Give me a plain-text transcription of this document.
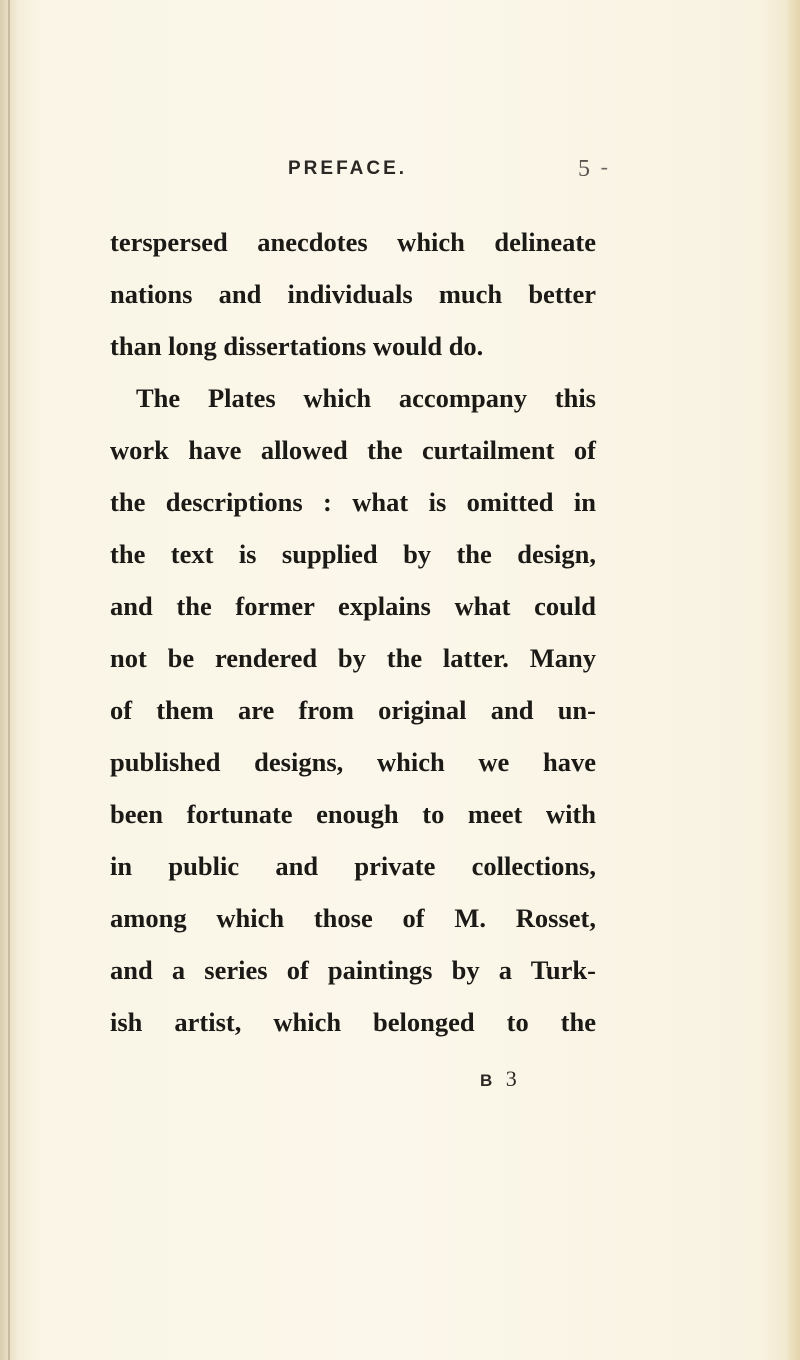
PREFACE.	5 -
terspersed anecdotes which delineate
nations and individuals much better
than long dissertations would do.
The Plates which accompany this
work have allowed the curtailment of
the descriptions : what is omitted in
the text is supplied by the design,
and the former explains what could
not be rendered by the latter. Many
of them are from original and un-
published designs, which we have
been fortunate enough to meet with
in public and private collections,
among which those of M. Rosset,
and a series of paintings by a Turk-
ish artist, which belonged to the
B 3
